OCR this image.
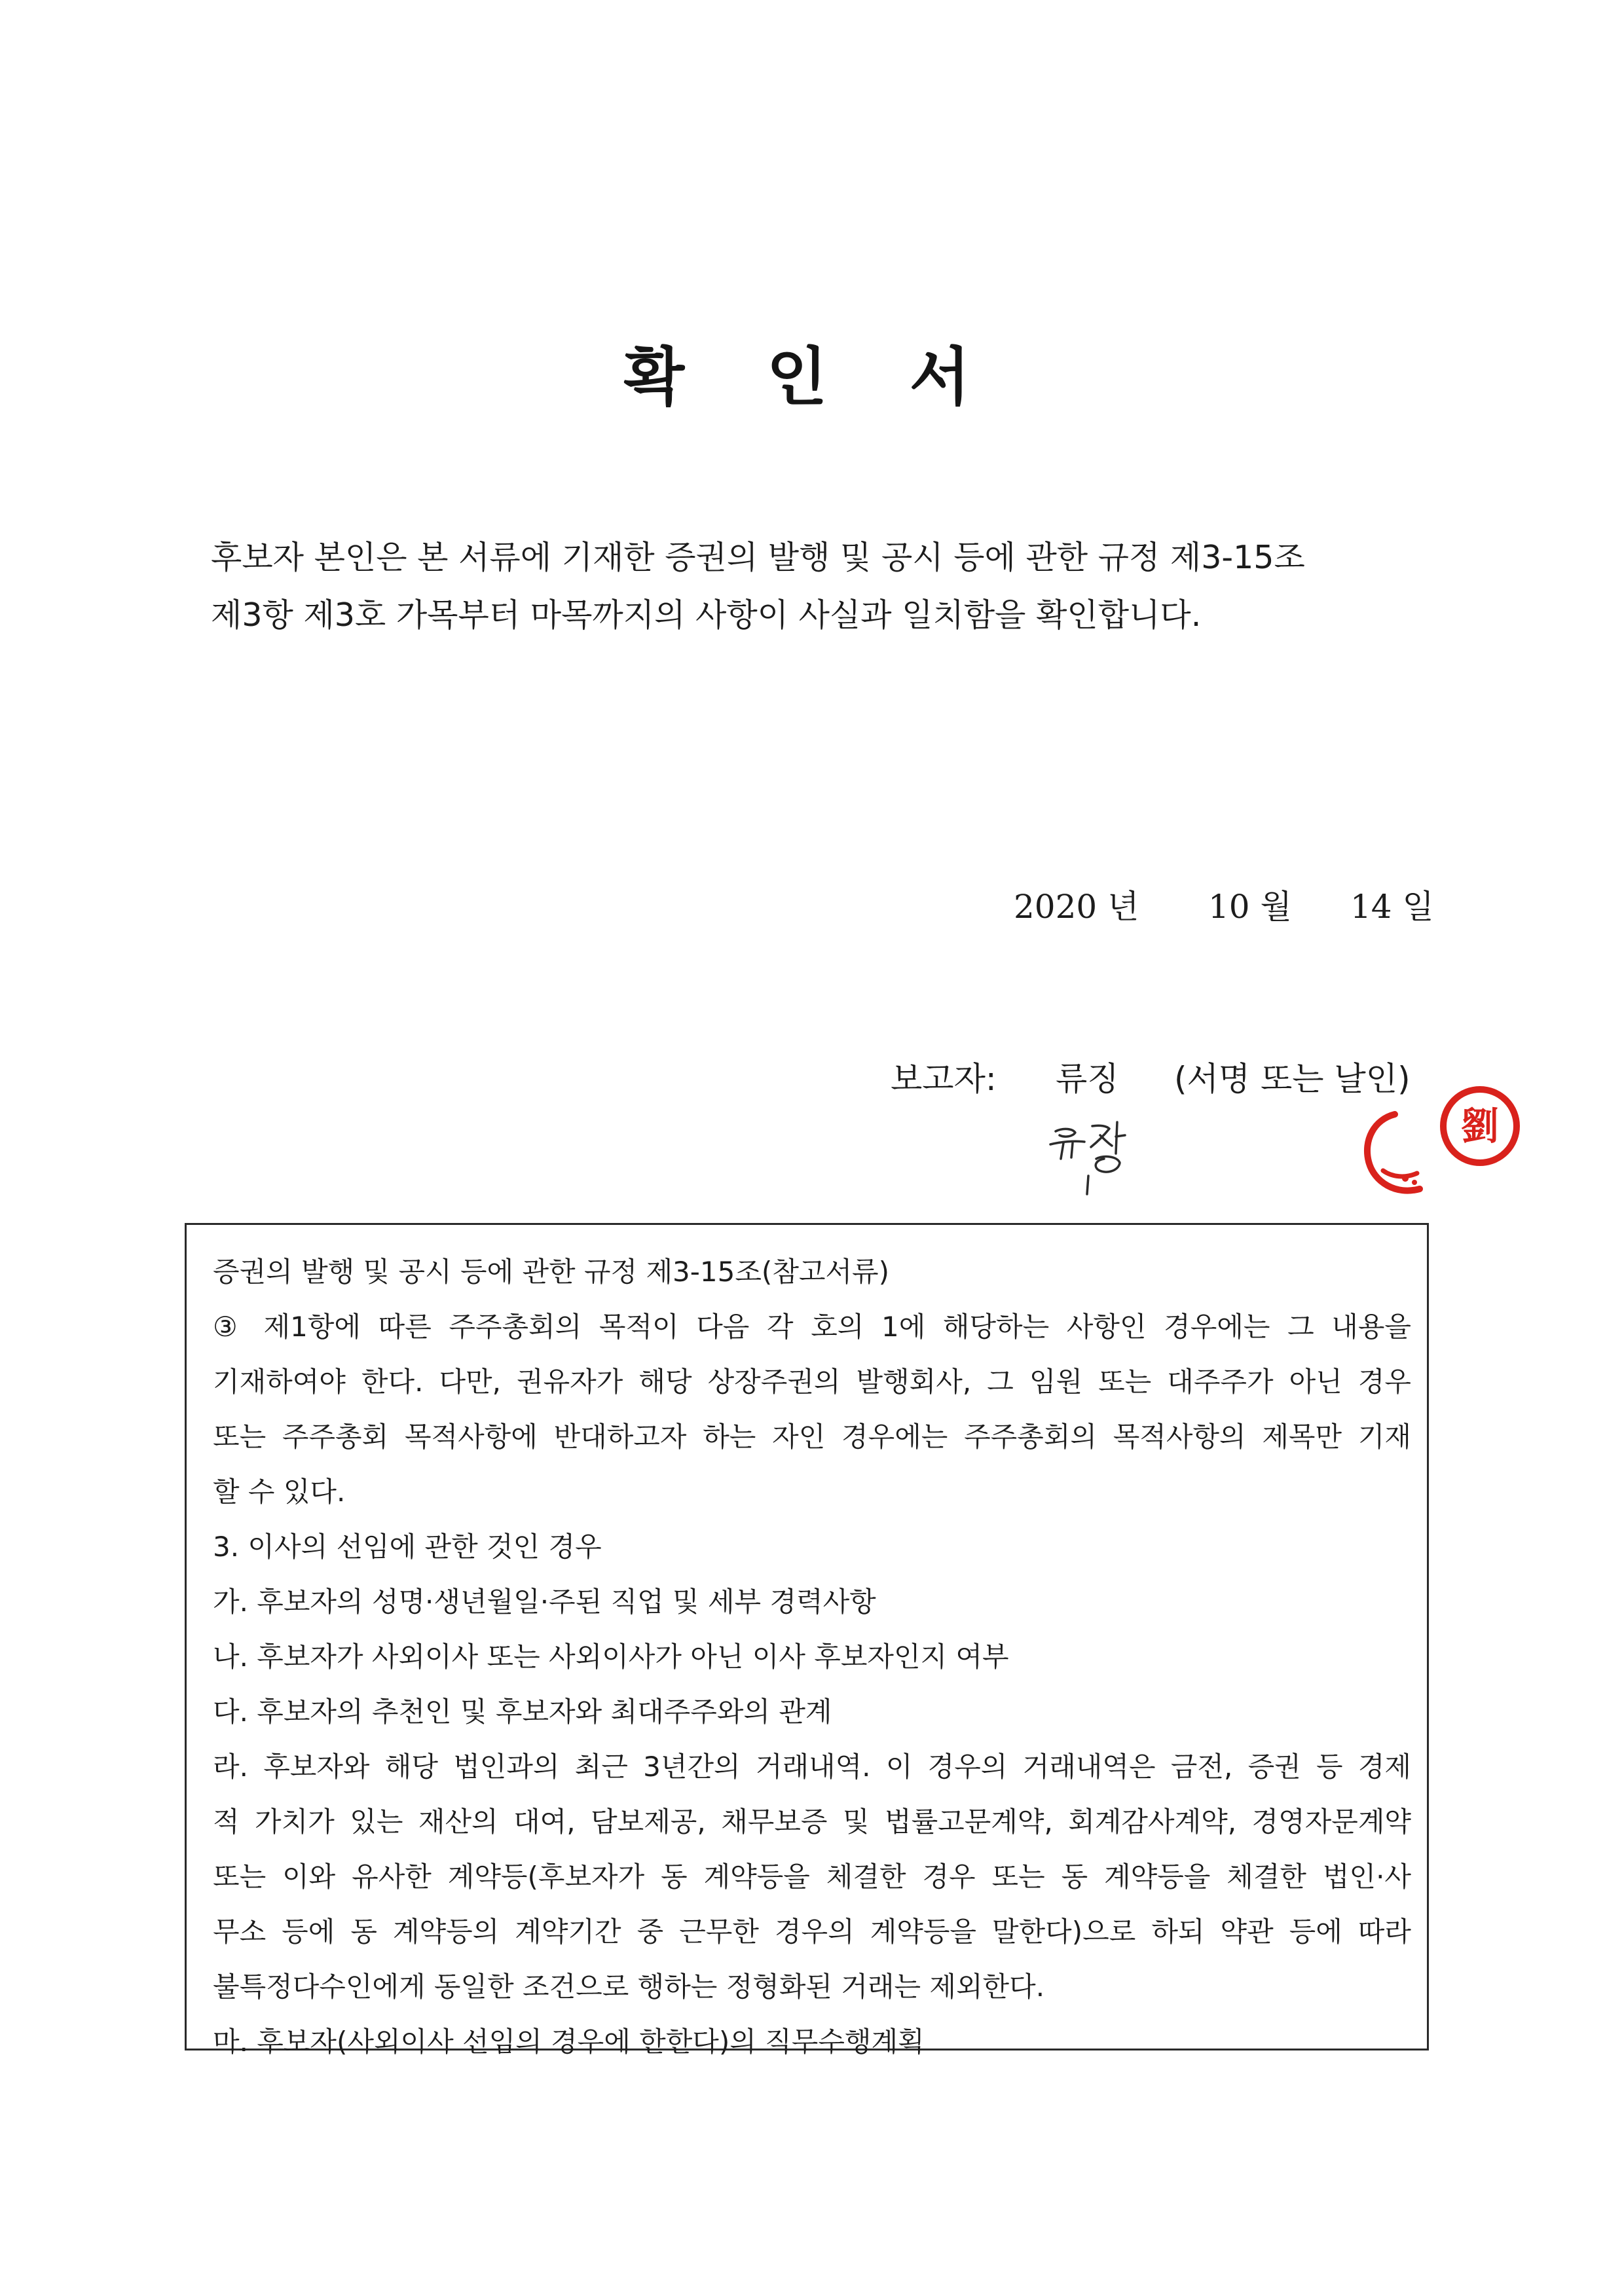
확 인 서

후보자 본인은 본 서류에 기재한 증권의 발행 및 공시 등에 관한 규정 제3-15조

제3항 제3호 가목부터 마목까지의 사항이 사실과 일치함을 확인합니다.

2020 년 10 월 14 일
보고자: 류징 (서명 또는 날인)
劉
증권의 발행 및 공시 등에 관한 규정 제3-15조(참고서류)
③ 제1항에 따른 주주총회의 목적이 다음 각 호의 1에 해당하는 사항인 경우에는 그 내용을
기재하여야 한다. 다만, 권유자가 해당 상장주권의 발행회사, 그 임원 또는 대주주가 아닌 경우
또는 주주총회 목적사항에 반대하고자 하는 자인 경우에는 주주총회의 목적사항의 제목만 기재
할 수 있다.
3. 이사의 선임에 관한 것인 경우
가. 후보자의 성명·생년월일·주된 직업 및 세부 경력사항
나. 후보자가 사외이사 또는 사외이사가 아닌 이사 후보자인지 여부
다. 후보자의 추천인 및 후보자와 최대주주와의 관계
라. 후보자와 해당 법인과의 최근 3년간의 거래내역. 이 경우의 거래내역은 금전, 증권 등 경제
적 가치가 있는 재산의 대여, 담보제공, 채무보증 및 법률고문계약, 회계감사계약, 경영자문계약
또는 이와 유사한 계약등(후보자가 동 계약등을 체결한 경우 또는 동 계약등을 체결한 법인·사
무소 등에 동 계약등의 계약기간 중 근무한 경우의 계약등을 말한다)으로 하되 약관 등에 따라
불특정다수인에게 동일한 조건으로 행하는 정형화된 거래는 제외한다.
마. 후보자(사외이사 선임의 경우에 한한다)의 직무수행계획
